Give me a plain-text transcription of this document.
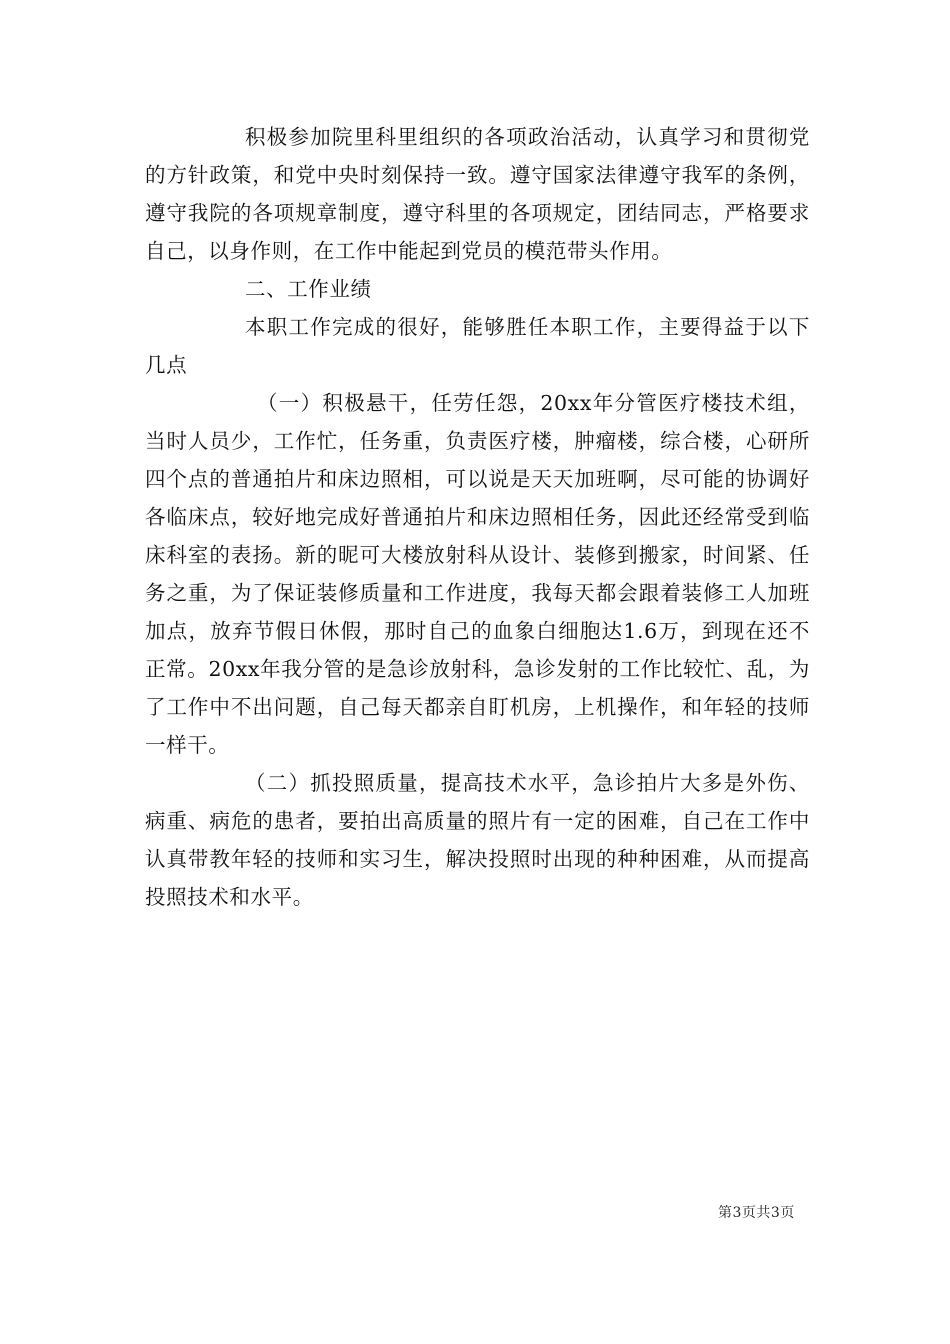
积极参加院里科里组织的各项政治活动，认真学习和贯彻党的方针政策，和党中央时刻保持一致。遵守国家法律遵守我军的条例，遵守我院的各项规章制度，遵守科里的各项规定，团结同志，严格要求自己，以身作则，在工作中能起到党员的模范带头作用。

二、工作业绩

本职工作完成的很好，能够胜任本职工作，主要得益于以下几点

（一）积极悬干，任劳任怨，20xx年分管医疗楼技术组，当时人员少，工作忙，任务重，负责医疗楼，肿瘤楼，综合楼，心研所四个点的普通拍片和床边照相，可以说是天天加班啊，尽可能的协调好各临床点，较好地完成好普通拍片和床边照相任务，因此还经常受到临床科室的表扬。新的昵可大楼放射科从设计、装修到搬家，时间紧、任务之重，为了保证装修质量和工作进度，我每天都会跟着装修工人加班加点，放弃节假日休假，那时自己的血象白细胞达1.6万，到现在还不正常。20xx年我分管的是急诊放射科，急诊发射的工作比较忙、乱，为了工作中不出问题，自己每天都亲自盯机房，上机操作，和年轻的技师一样干。

（二）抓投照质量，提高技术水平，急诊拍片大多是外伤、病重、病危的患者，要拍出高质量的照片有一定的困难，自己在工作中认真带教年轻的技师和实习生，解决投照时出现的种种困难，从而提高投照技术和水平。

第3页共3页
